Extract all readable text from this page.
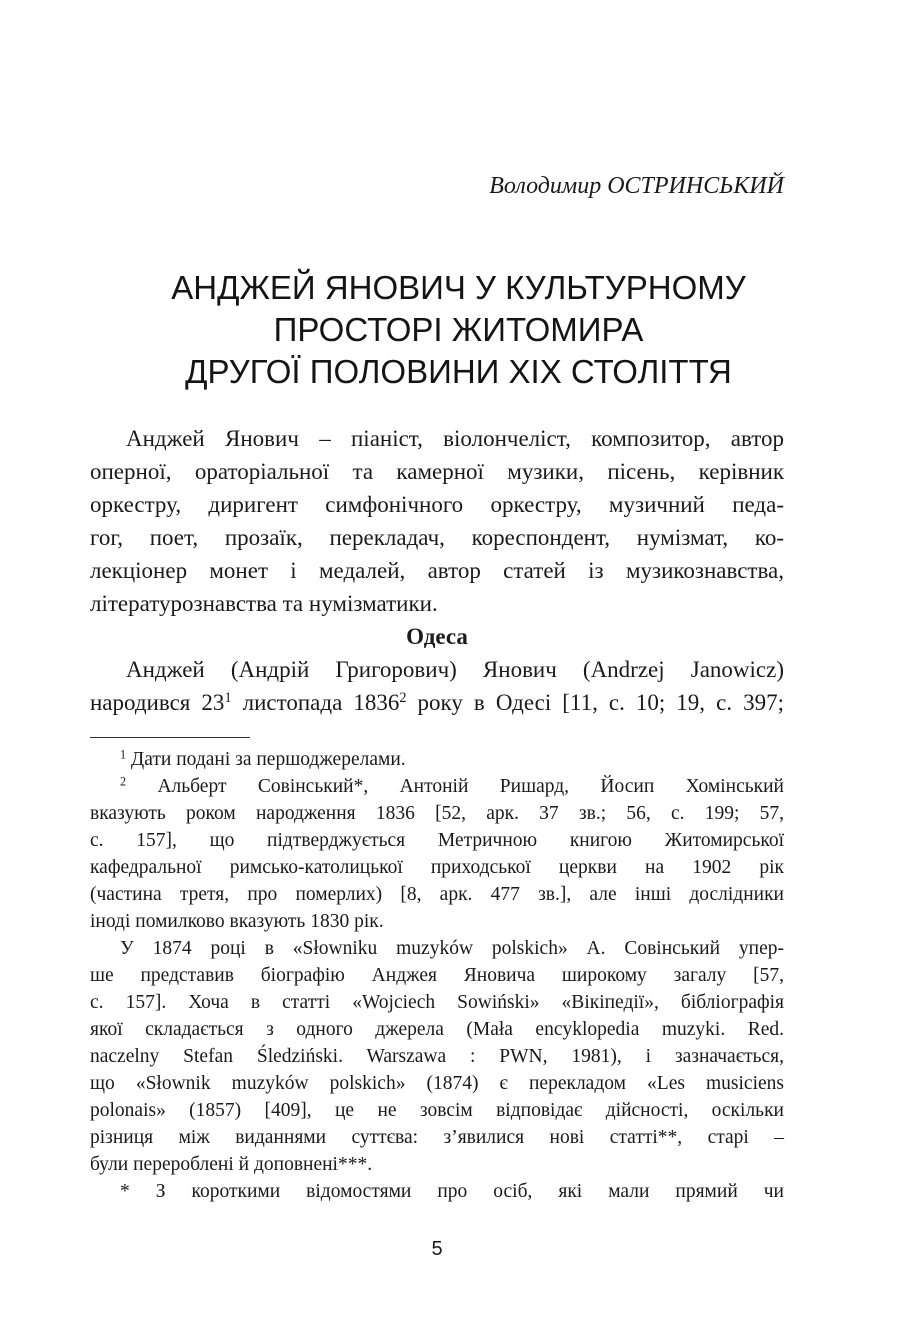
Володимир ОСТРИНСЬКИЙ

АНДЖЕЙ ЯНОВИЧ У КУЛЬТУРНОМУ
ПРОСТОРІ ЖИТОМИРА
ДРУГОЇ ПОЛОВИНИ ХІХ СТОЛІТТЯ
Анджей Янович – піаніст, віолончеліст, композитор, автор
оперної, ораторіальної та камерної музики, пісень, керівник
оркестру, диригент симфонічного оркестру, музичний педа-
гог, поет, прозаїк, перекладач, кореспондент, нумізмат, ко-
лекціонер монет і медалей, автор статей із музикознавства,
літературознавства та нумізматики.
Одеса
Анджей (Андрій Григорович) Янович (Andrzej Janowicz)
народився $23^1$ листопада 1836$^2$ року в Одесі [11, с. 10; 19, с. 397;
$^1$ Дати подані за першоджерелами.
$^2$ Альберт Совінський*, Антоній Ришард, Йосип Хомінський
вказують роком народження 1836 [52, арк. 37 зв.; 56, с. 199; 57,
с. 157], що підтверджується Метричною книгою Житомирської
кафедральної римсько-католицької приходської церкви на 1902 рік
(частина третя, про померлих) [8, арк. 477 зв.], але інші дослідники
іноді помилково вказують 1830 рік.
У 1874 році в «Słowniku muzyków polskich» А. Совінський упер-
ше представив біографію Анджея Яновича широкому загалу [57,
с. 157]. Хоча в статті «Wojciech Sowiński» «Вікіпедії», бібліографія
якої складається з одного джерела (Mała encyklopedia muzyki. Red.
naczelny Stefan Śledziński. Warszawa : PWN, 1981), і зазначається,
що «Słownik muzyków polskich» (1874) є перекладом «Les musiciens
polonais» (1857) [409], це не зовсім відповідає дійсності, оскільки
різниця між виданнями суттєва: з’явилися нові статті**, старі –
були перероблені й доповнені***.
* З короткими відомостями про осіб, які мали прямий чи
5
